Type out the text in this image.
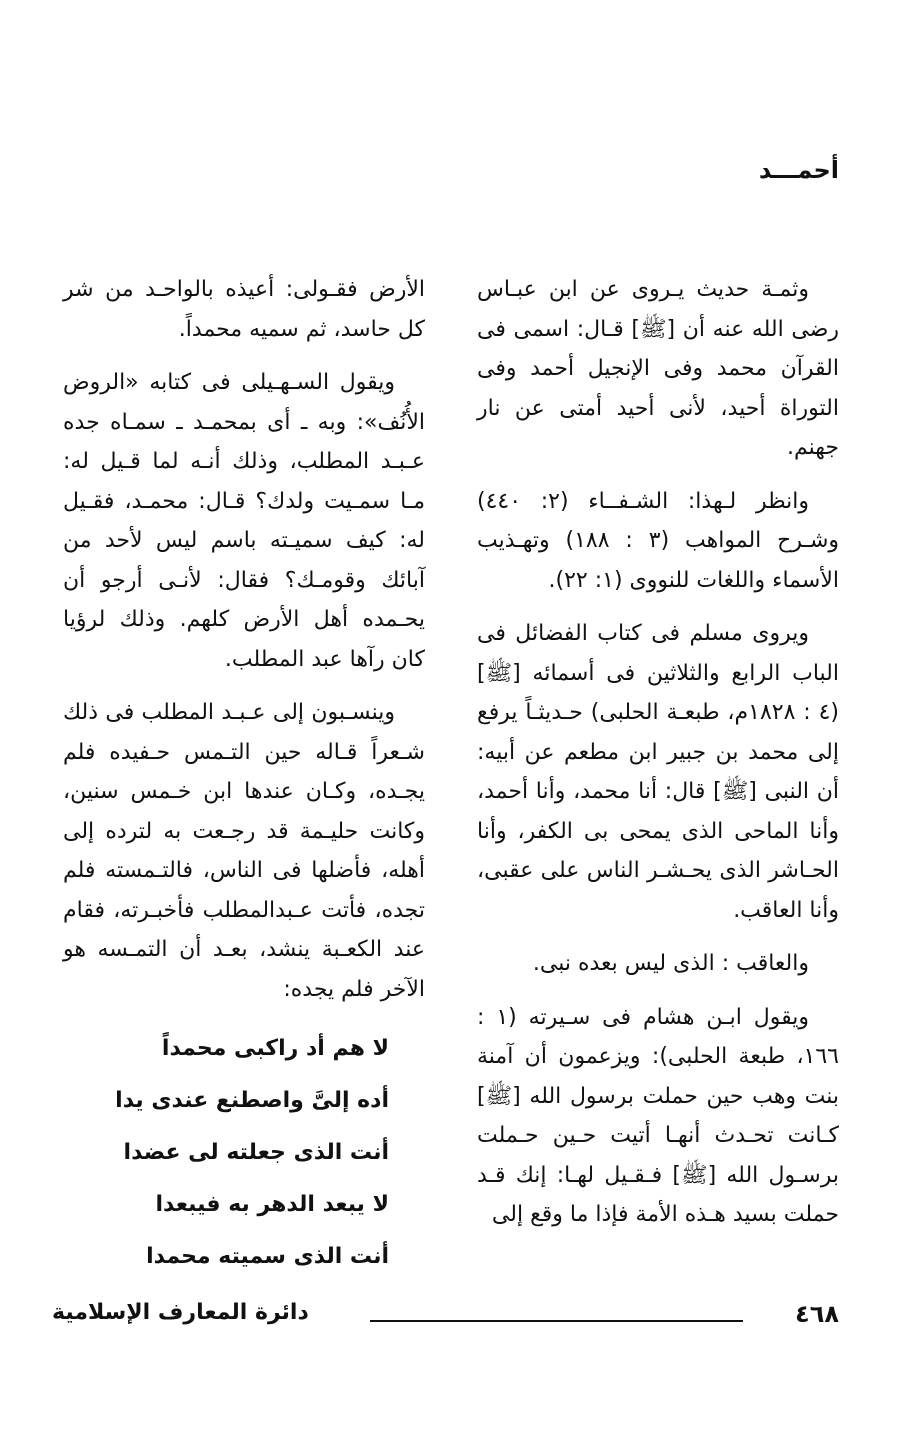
أحمـــد

وثمـة حديث يـروى عن ابن عبـاس رضى الله عنه أن [ﷺ] قـال: اسمى فى القرآن محمد وفى الإنجيل أحمد وفى التوراة أحيد، لأنى أحيد أمتى عن نار جهنم.

وانظر لـهذا: الشـفــاء (٢: ٤٤٠) وشـرح المواهب (٣ : ١٨٨) وتهـذيب الأسماء واللغات للنووى (١: ٢٢).

ويروى مسلم فى كتاب الفضائل فى الباب الرابع والثلاثين فى أسمائه [ﷺ] (٤ : ١٨٢٨م، طبعـة الحلبى) حـديثـاً يرفع إلى محمد بن جبير ابن مطعم عن أبيه: أن النبى [ﷺ] قال: أنا محمد، وأنا أحمد، وأنا الماحى الذى يمحى بى الكفر، وأنا الحـاشر الذى يحـشـر الناس على عقبى، وأنا العاقب.

والعاقب : الذى ليس بعده نبى.

ويقول ابـن هشام فى سـيرته (١ : ١٦٦، طبعة الحلبى): ويزعمون أن آمنة بنت وهب حين حملت برسول الله [ﷺ] كـانت تحـدث أنهـا أتيت حـين حـملت برسـول الله [ﷺ] فـقـيل لهـا: إنك قـد حملت بسيد هـذه الأمة فإذا ما وقع إلى

الأرض فقـولى: أعيذه بالواحـد من شر كل حاسد، ثم سميه محمداً.

ويقول السـهـيلى فى كتابه «الروض الأُنُف»: وبه ـ أى بمحمـد ـ سمـاه جده عـبـد المطلب، وذلك أنـه لما قـيل له: مـا سمـيت ولدك؟ قـال: محمـد، فقـيل له: كيف سميـته باسم ليس لأحد من آبائك وقومـك؟ فقال: لأنـى أرجو أن يحـمده أهل الأرض كلهم. وذلك لرؤيا كان رآها عبد المطلب.

وينسـبون إلى عـبـد المطلب فى ذلك شـعراً قـاله حين التـمس حـفيده فلم يجـده، وكـان عندها ابن خـمس سنين، وكانت حليـمة قد رجـعت به لترده إلى أهله، فأضلها فى الناس، فالتـمسته فلم تجده، فأتت عـبدالمطلب فأخبـرته، فقام عند الكعـبة ينشد، بعـد أن التمـسه هو الآخر فلم يجده:

لا هم أد راكبى محمداً
أده إلىَّ واصطنع عندى يدا
أنت الذى جعلته لى عضدا
لا يبعد الدهر به فيبعدا
أنت الذى سميته محمدا
٤٦٨
دائرة المعارف الإسلامية
